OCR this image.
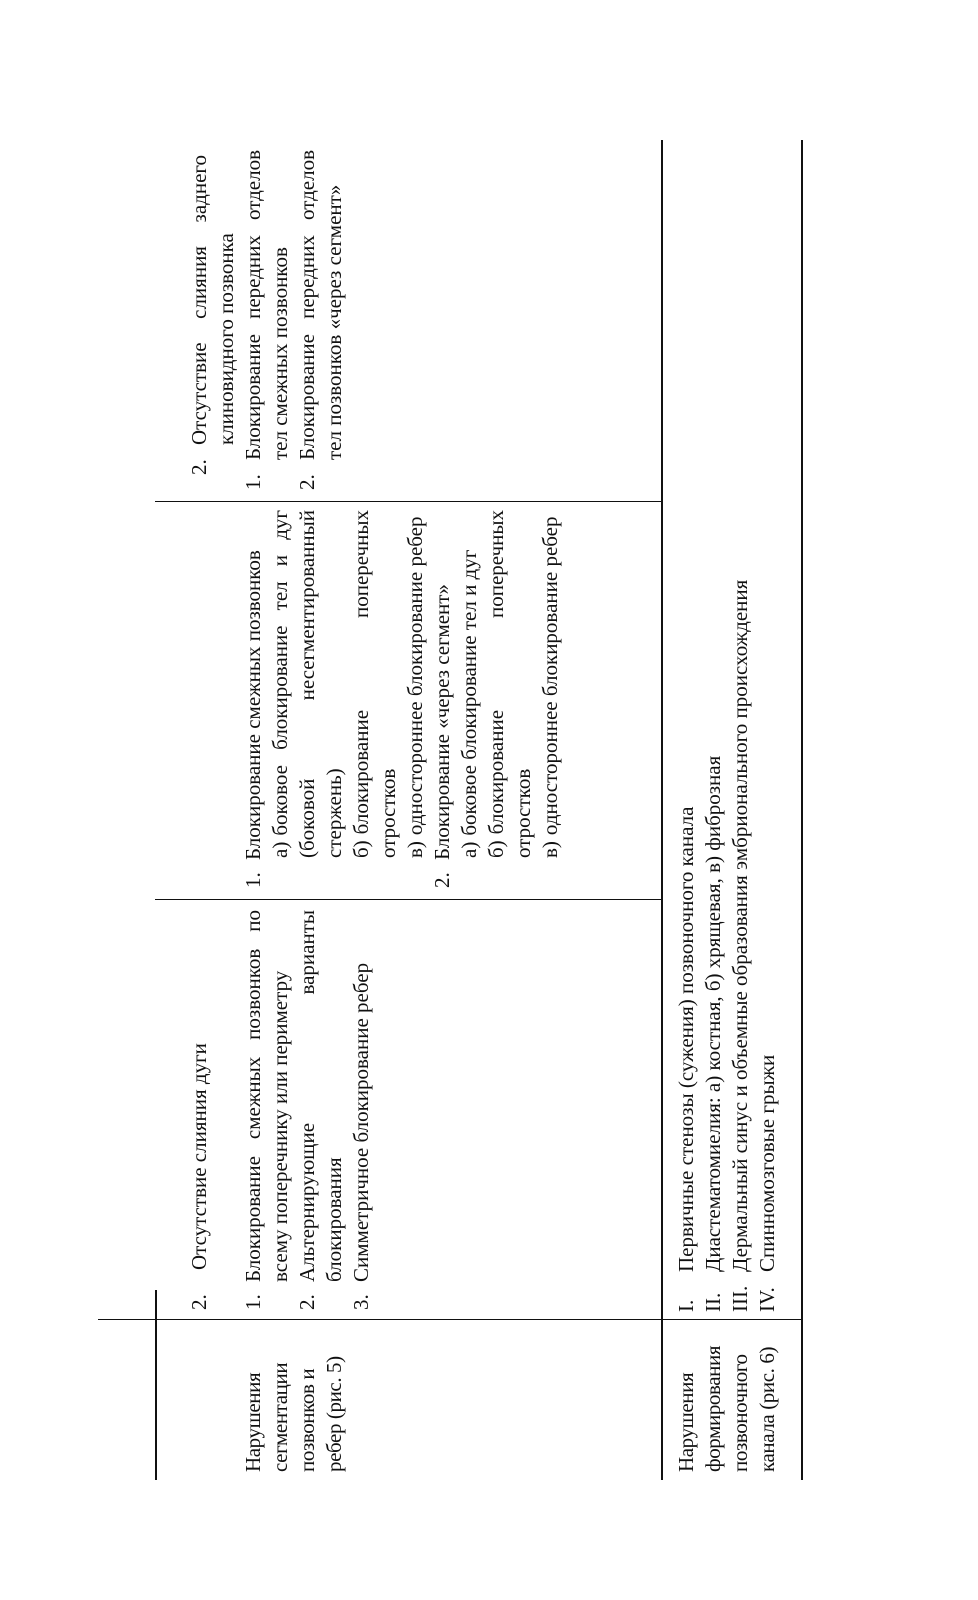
2.
Отсутствие слияния дуги
2.
Отсутствие слияния заднего клиновидного позвонка
Нарушения сегментации позвонков и ребер (рис. 5)
1.
Блокирование смежных позвонков по всему поперечнику или периметру
2.
Альтернирующие варианты блокирования
3.
Симметричное блокирование ребер
1.
Блокирование смежных позвонков а)боковое блокирование тел и дуг (боковой несегментированный стержень) б)блокирование поперечных отростков в)одностороннее блокирование ребер
2.
Блокирование «через сегмент» а)боковое блокирование тел и дуг
б)блокирование поперечных отростков в)одностороннее блокирование ребер
1.
Блокирование передних отделов тел смежных позвонков
2.
Блокирование передних отделов тел позвонков «через сегмент»
Нарушения формирования позвоночного канала (рис. 6)
I.
Первичные стенозы (сужения) позвоночного канала
II.
Диастематомиелия: а) костная, б) хрящевая, в) фиброзная
III.
Дермальный синус и объемные образования эмбрионального происхождения
IV.
Спинномозговые грыжи
